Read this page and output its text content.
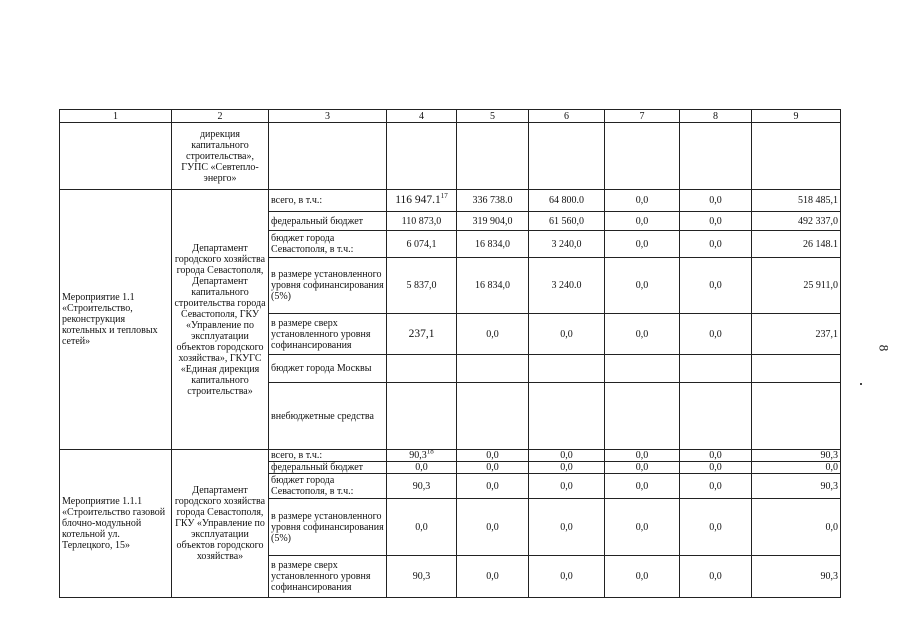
1	2	3	4	5	6	7	8	9
	дирекция капитального строительства», ГУПС «Севтепло-энерго»							
Мероприятие 1.1 «Строительство, реконструкция котельных и тепловых сетей»	Департамент городского хозяйства города Севастополя, Департамент капитального строительства города Севастополя, ГКУ «Управление по эксплуатации объектов городского хозяйства», ГКУГС «Единая дирекция капитального строительства»	всего, в т.ч.:	116 947.1$^{17}$	336 738.0	64 800.0	0,0	0,0	518 485,1
		федеральный бюджет	110 873,0	319 904,0	61 560,0	0,0	0,0	492 337,0
		бюджет города Севастополя, в т.ч.:	6 074,1	16 834,0	3 240,0	0,0	0,0	26 148.1
		в размере установленного уровня софинансирования (5%)	5 837,0	16 834,0	3 240.0	0,0	0,0	25 911,0
		в размере сверх установленного уровня софинансирования	237,1	0,0	0,0	0,0	0,0	237,1
		бюджет города Москвы						
		внебюджетные средства						
Мероприятие 1.1.1 «Строительство газовой блочно-модульной котельной ул. Терлецкого, 15»	Департамент городского хозяйства города Севастополя, ГКУ «Управление по эксплуатации объектов городского хозяйства»	всего, в т.ч.:	90,3$^{18}$	0,0	0,0	0,0	0,0	90,3
		федеральный бюджет	0,0	0,0	0,0	0,0	0,0	0,0
		бюджет города Севастополя, в т.ч.:	90,3	0,0	0,0	0,0	0,0	90,3
		в размере установленного уровня софинансирования (5%)	0,0	0,0	0,0	0,0	0,0	0,0
		в размере сверх установленного уровня софинансирования	90,3	0,0	0,0	0,0	0,0	90,3
8
